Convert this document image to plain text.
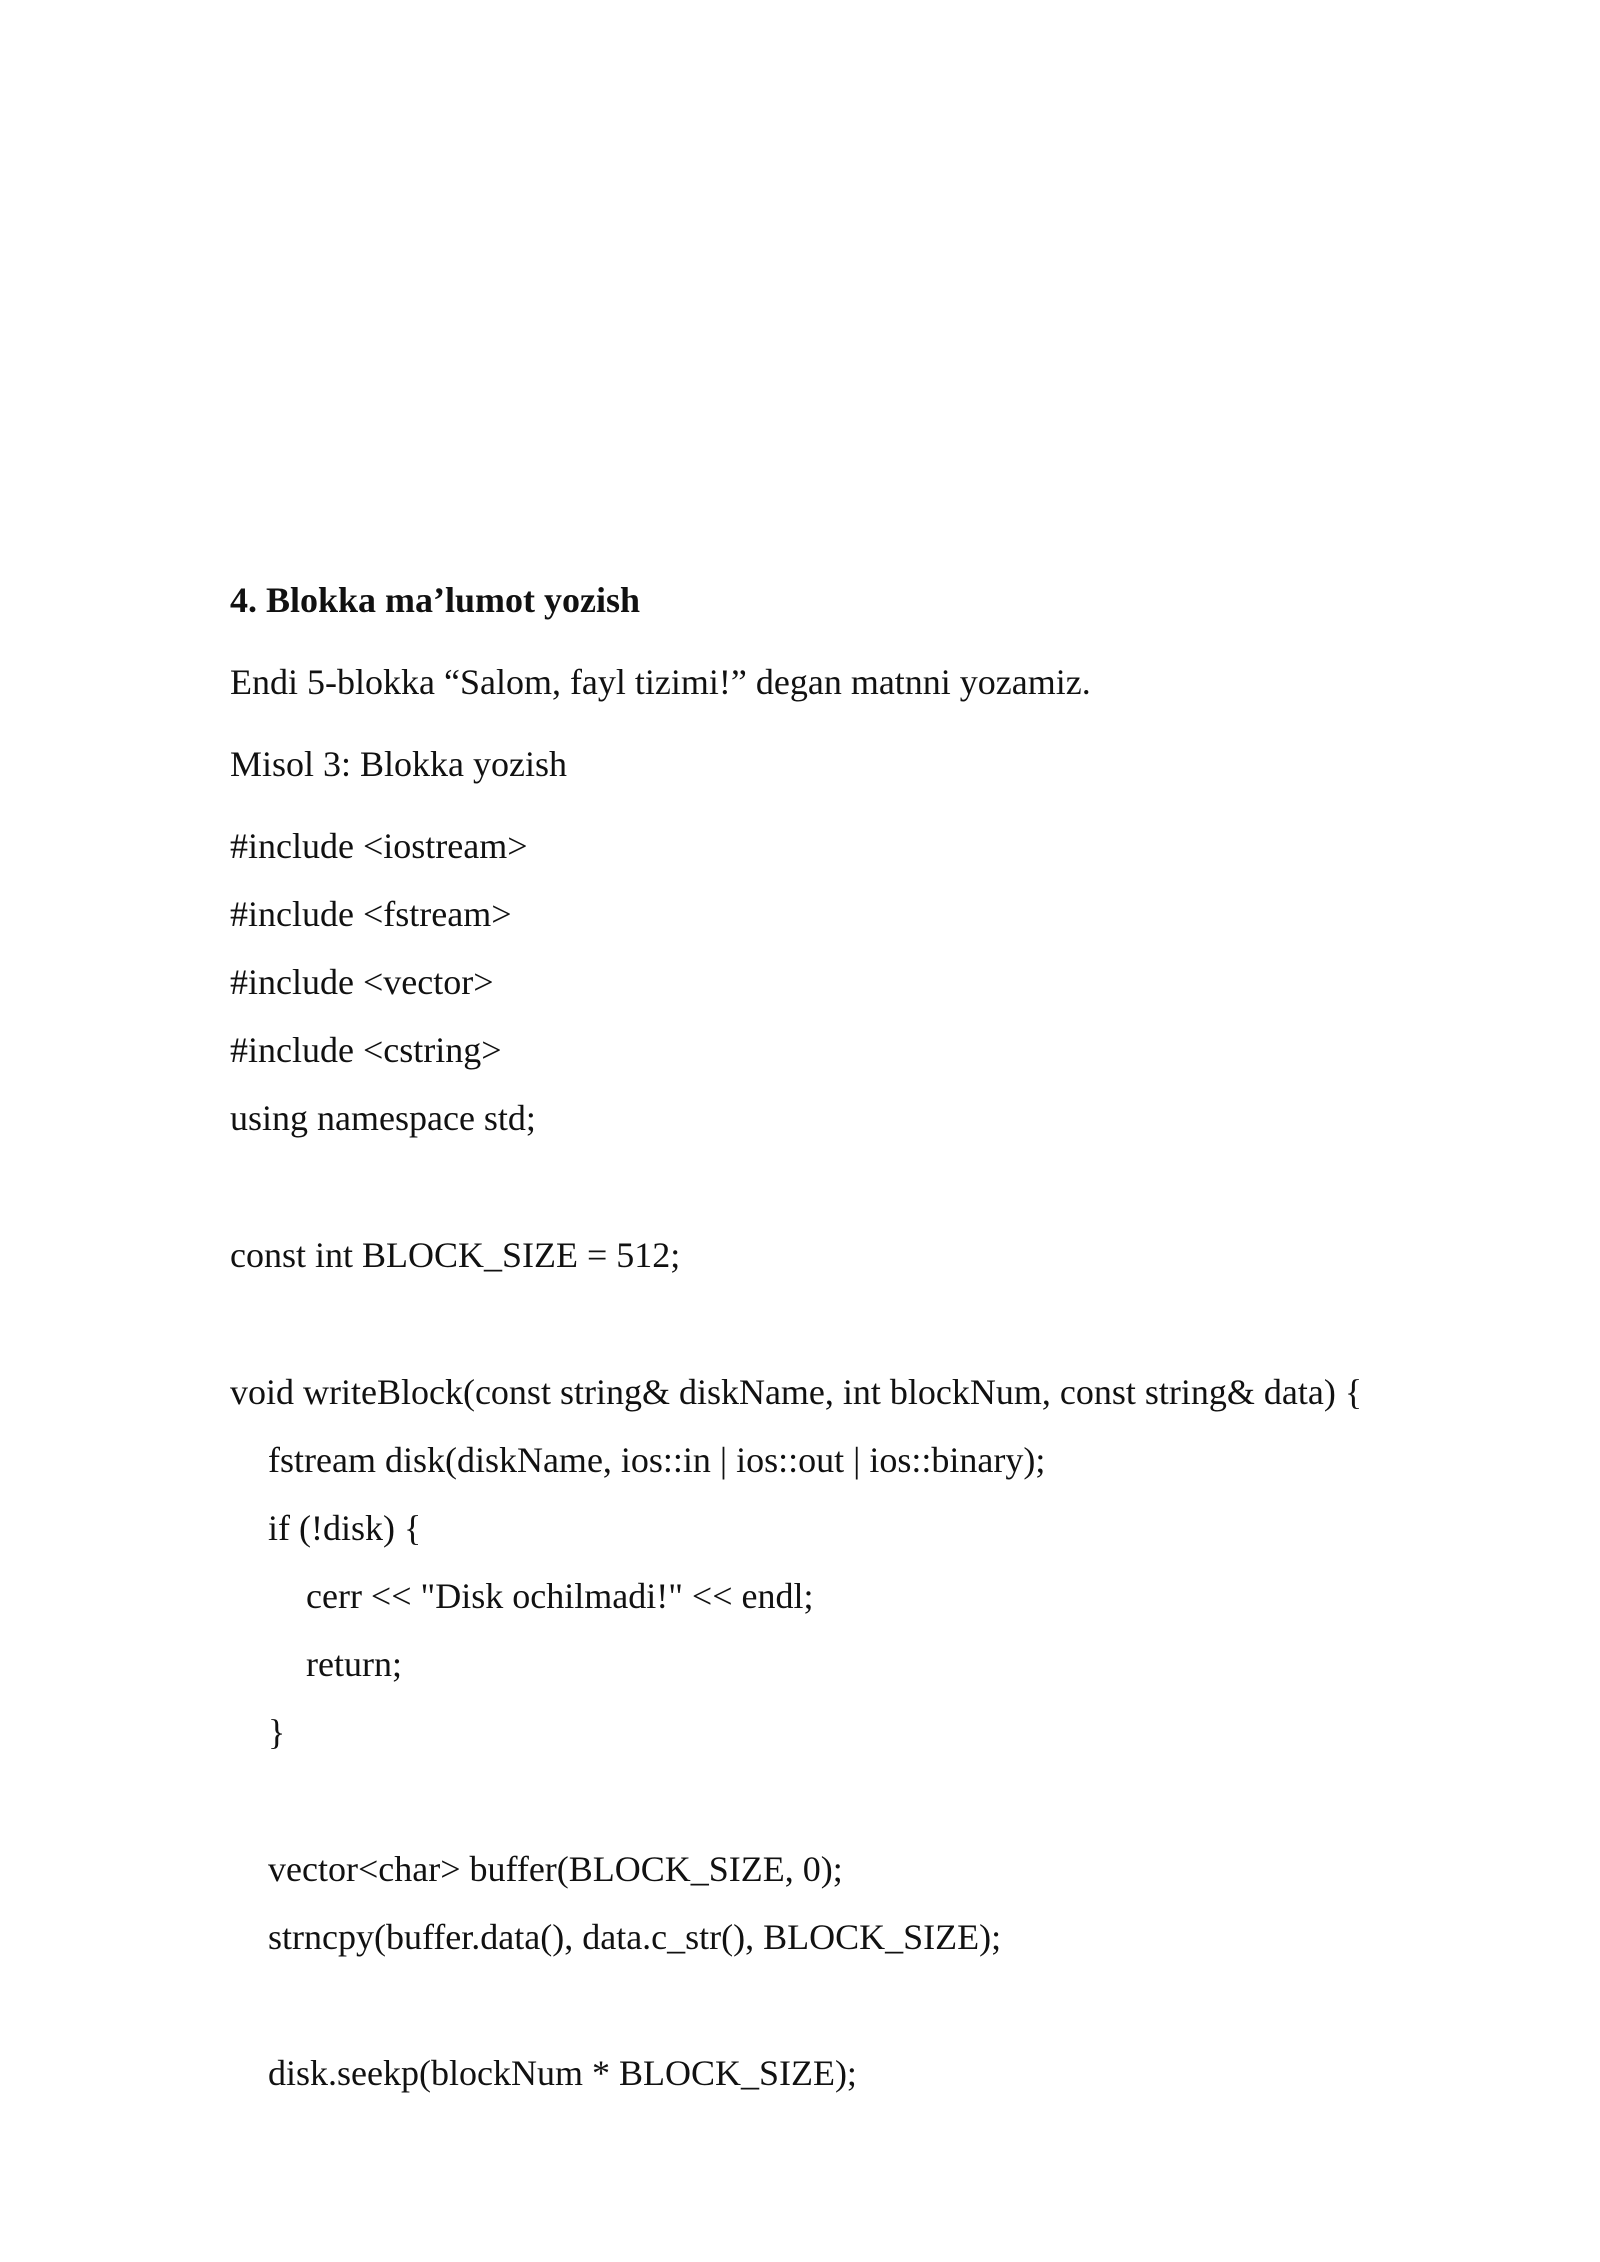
4. Blokka ma’lumot yozish
Endi 5-blokka “Salom, fayl tizimi!” degan matnni yozamiz.
Misol 3: Blokka yozish
#include <iostream>
#include <fstream>
#include <vector>
#include <cstring>
using namespace std;
const int BLOCK_SIZE = 512;
void writeBlock(const string& diskName, int blockNum, const string& data) {
fstream disk(diskName, ios::in | ios::out | ios::binary);
if (!disk) {
cerr << "Disk ochilmadi!" << endl;
return;
}
vector<char> buffer(BLOCK_SIZE, 0);
strncpy(buffer.data(), data.c_str(), BLOCK_SIZE);
disk.seekp(blockNum * BLOCK_SIZE);
